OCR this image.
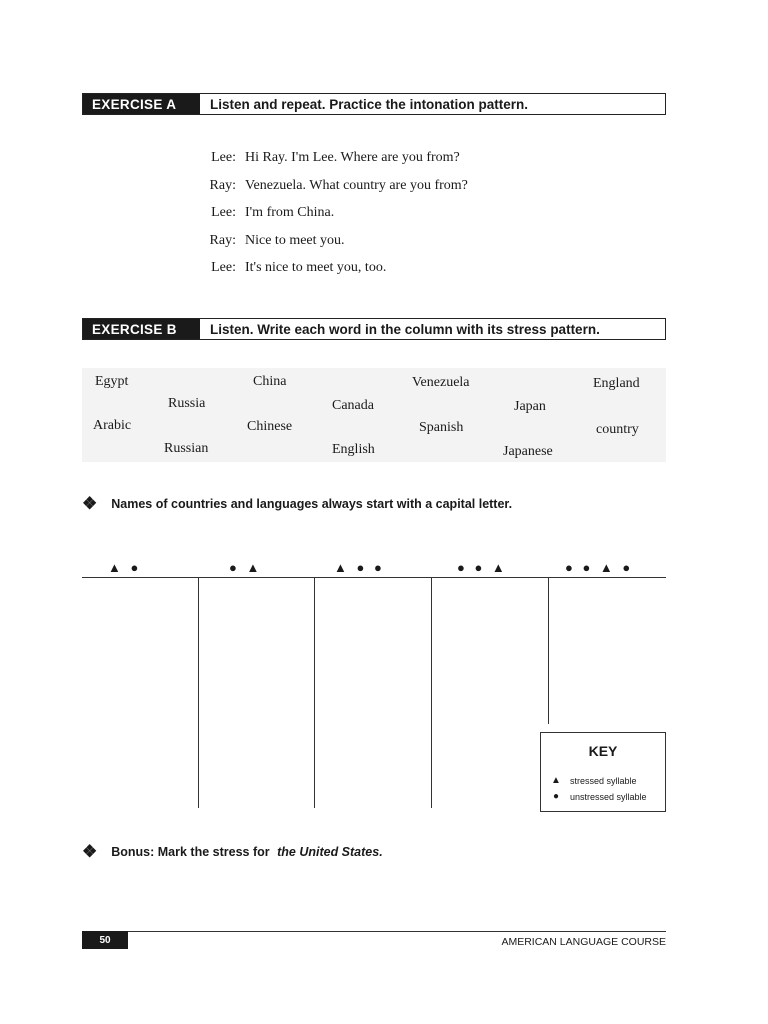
EXERCISE A	Listen and repeat. Practice the intonation pattern.
Lee: Hi Ray. I'm Lee. Where are you from?
Ray: Venezuela. What country are you from?
Lee: I'm from China.
Ray: Nice to meet you.
Lee: It's nice to meet you, too.
EXERCISE B	Listen. Write each word in the column with its stress pattern.
Egypt	China	Venezuela	England
Russia	Canada	Japan
Arabic	Chinese	Spanish	country
Russian	English	Japanese
❖ Names of countries and languages always start with a capital letter.
▲ ●	● ▲	▲ ● ●	● ● ▲	● ● ▲ ●
KEY
▲	stressed syllable
●	unstressed syllable
❖ Bonus: Mark the stress for the United States.
50	AMERICAN LANGUAGE COURSE
